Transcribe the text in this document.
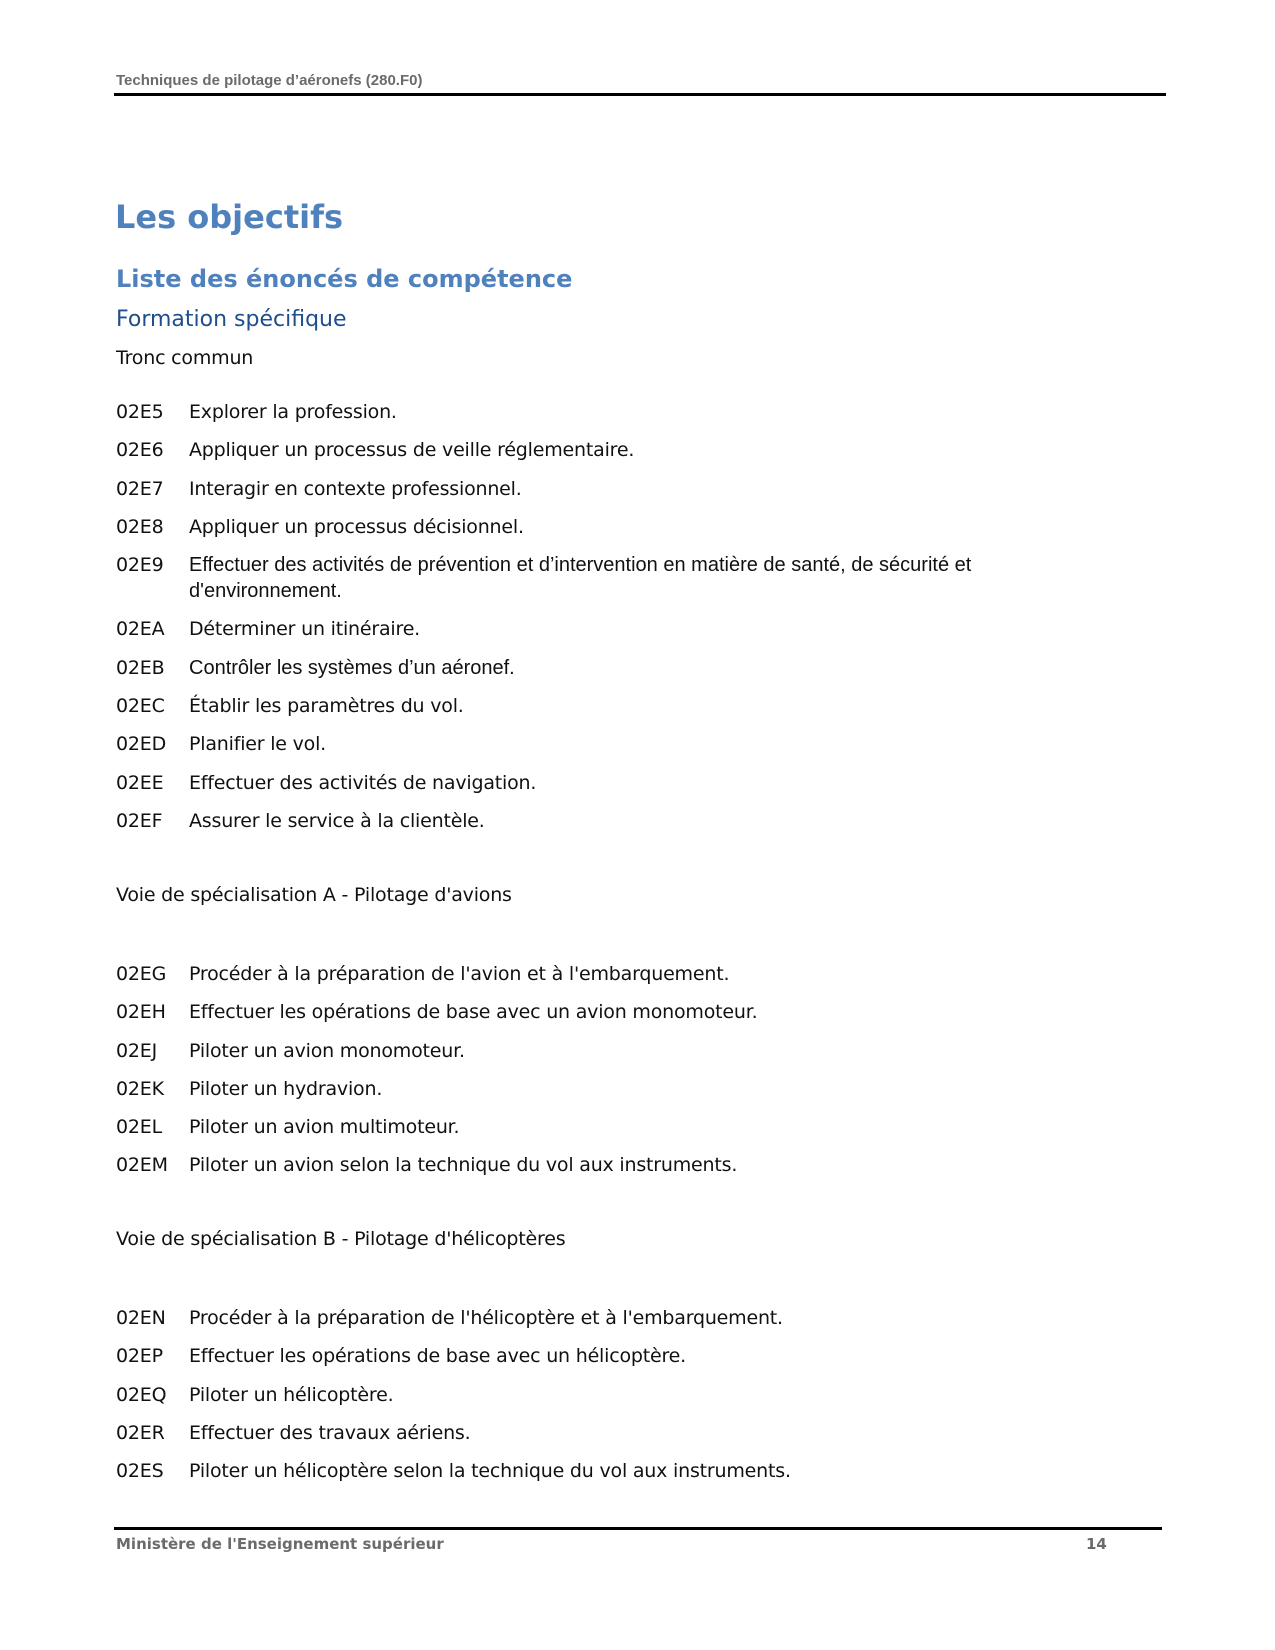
Techniques de pilotage d’aéronefs (280.F0)
Les objectifs
Liste des énoncés de compétence
Formation spécifique
Tronc commun
02E5	Explorer la profession.
02E6	Appliquer un processus de veille réglementaire.
02E7	Interagir en contexte professionnel.
02E8	Appliquer un processus décisionnel.
02E9	Effectuer des activités de prévention et d’intervention en matière de santé, de sécurité et d'environnement.
02EA	Déterminer un itinéraire.
02EB	Contrôler les systèmes d’un aéronef.
02EC	Établir les paramètres du vol.
02ED	Planifier le vol.
02EE	Effectuer des activités de navigation.
02EF	Assurer le service à la clientèle.
Voie de spécialisation A - Pilotage d'avions
02EG	Procéder à la préparation de l'avion et à l'embarquement.
02EH	Effectuer les opérations de base avec un avion monomoteur.
02EJ	Piloter un avion monomoteur.
02EK	Piloter un hydravion.
02EL	Piloter un avion multimoteur.
02EM	Piloter un avion selon la technique du vol aux instruments.
Voie de spécialisation B - Pilotage d'hélicoptères
02EN	Procéder à la préparation de l'hélicoptère et à l'embarquement.
02EP	Effectuer les opérations de base avec un hélicoptère.
02EQ	Piloter un hélicoptère.
02ER	Effectuer des travaux aériens.
02ES	Piloter un hélicoptère selon la technique du vol aux instruments.
Ministère de l'Enseignement supérieur	14
